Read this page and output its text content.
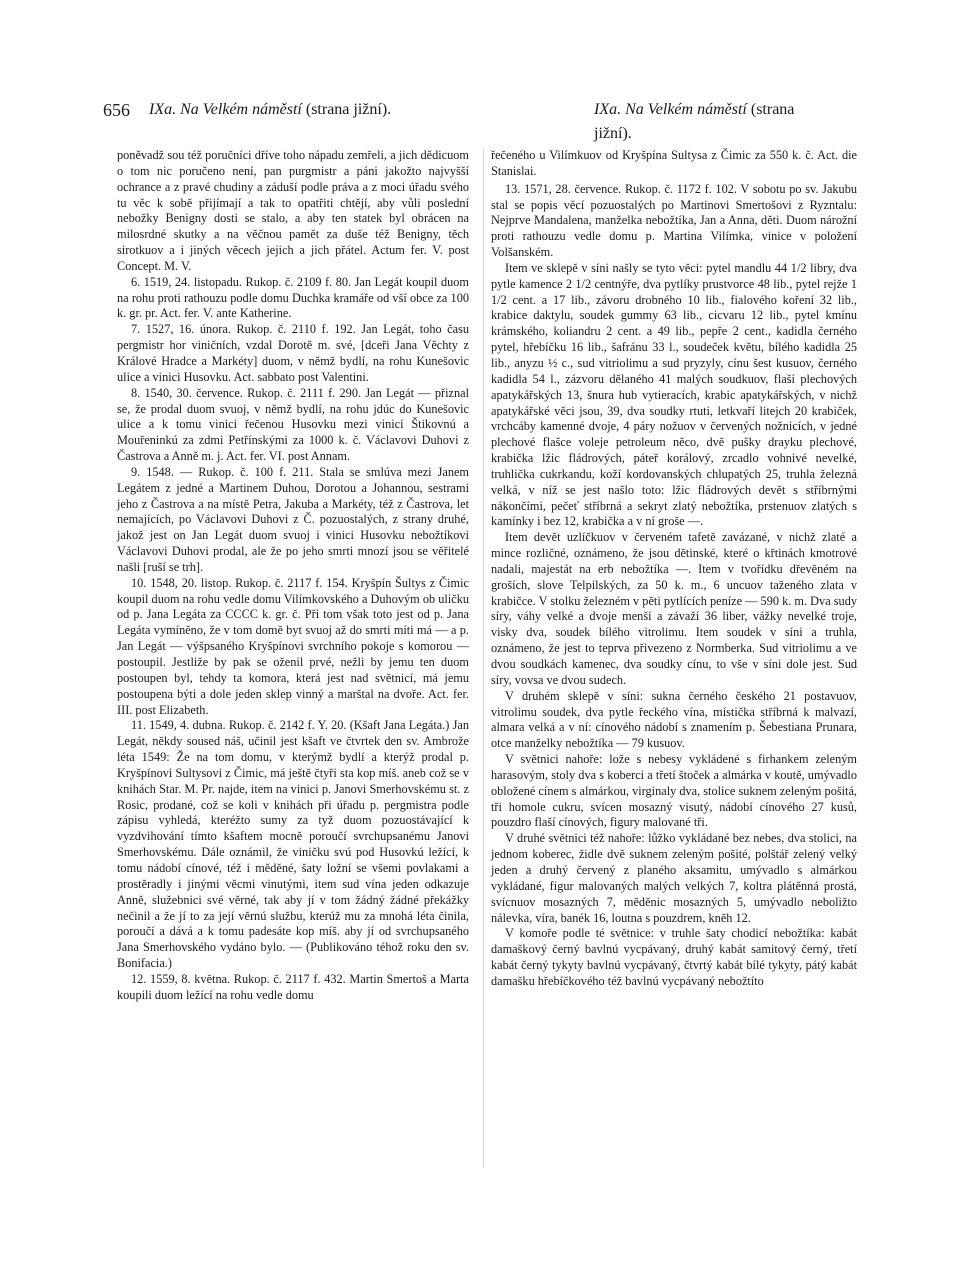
656 IXa. Na Velkém náměstí (strana jižní).	IXa. Na Velkém náměstí (strana jižní).

poněvadž sou též poručníci dříve toho nápadu zemřeli, a jich dědicuom o tom nic poručeno není, pan purgmistr a páni jakožto najvyšší ochrance a z pravé chudiny a záduší podle práva a z moci úřadu svého tu věc k sobě přijímají a tak to opatřiti chtějí, aby vůli poslední nebožky Benigny dosti se stalo, a aby ten statek byl obrácen na milosrdné skutky a na věčnou pamět za duše též Benigny, těch sirotkuov a i jiných věcech jejich a jich přátel. Actum fer. V. post Concept. M. V.

6. 1519, 24. listopadu. Rukop. č. 2109 f. 80. Jan Legát koupil duom na rohu proti rathouzu podle domu Duchka kramáře od vší obce za 100 k. gr. pr. Act. fer. V. ante Katherine.

7. 1527, 16. února. Rukop. č. 2110 f. 192. Jan Legát, toho času pergmistr hor viničních, vzdal Dorotě m. své, [dceři Jana Věchty z Králové Hradce a Markéty] duom, v němž bydlí, na rohu Kunešovic ulice a vinici Husovku. Act. sabbato post Valentini.

8. 1540, 30. července. Rukop. č. 2111 f. 290. Jan Legát — přiznal se, že prodal duom svuoj, v němž bydlí, na rohu jdúc do Kunešovic ulice a k tomu vinici řečenou Husovku mezi vinicí Štikovnú a Mouřeninkú za zdmi Petřínskými za 1000 k. č. Václavovi Duhovi z Častrova a Anně m. j. Act. fer. VI. post Annam.

9. 1548. — Rukop. č. 100 f. 211. Stala se smlúva mezi Janem Legátem z jedné a Martinem Duhou, Dorotou a Johannou, sestrami jeho z Častrova a na místě Petra, Jakuba a Markéty, též z Častrova, let nemajících, po Václavovi Duhovi z Č. pozuostalých, z strany druhé, jakož jest on Jan Legát duom svuoj i vinici Husovku nebožtíkovi Václavovi Duhovi prodal, ale že po jeho smrti mnozí jsou se věřitelé našli [ruší se trh].

10. 1548, 20. listop. Rukop. č. 2117 f. 154. Kryšpín Šultys z Čimic koupil duom na rohu vedle domu Vilímkovského a Duhovým ob uličku od p. Jana Legáta za CCCC k. gr. č. Při tom však toto jest od p. Jana Legáta vymíněno, že v tom domě byt svuoj až do smrti míti má — a p. Jan Legát — výšpsaného Kryšpínovi svrchního pokoje s komorou — postoupil. Jestliže by pak se oženil prvé, nežli by jemu ten duom postoupen byl, tehdy ta komora, která jest nad světnicí, má jemu postoupena býti a dole jeden sklep vinný a marštal na dvoře. Act. fer. III. post Elizabeth.

11. 1549, 4. dubna. Rukop. č. 2142 f. Y. 20. (Kšaft Jana Legáta.) Jan Legát, někdy soused náš, učinil jest kšaft ve čtvrtek den sv. Ambrože léta 1549: Že na tom domu, v kterýmž bydlí a kterýž prodal p. Kryšpínovi Sultysovi z Čimic, má ještě čtyři sta kop míš. aneb což se v knihách Star. M. Pr. najde, item na vinici p. Janovi Smerhovskému st. z Rosic, prodané, což se koli v knihách při úřadu p. pergmistra podle zápisu vyhledá, kteréžto sumy za tyž duom pozuostávající k vyzdvihování tímto kšaftem mocně poroučí svrchupsanému Janovi Smerhovskému. Dále oznámil, že viničku svú pod Husovkú ležící, k tomu nádobí cínové, též i měděné, šaty ložní se všemi povlakami a prostěradly i jinými věcmi vinutými, item sud vína jeden odkazuje Anně, služebnici své věrné, tak aby jí v tom žádný žádné překážky nečinil a že jí to za její věrnú službu, kterúž mu za mnohá léta činila, poroučí a dává a k tomu padesáte kop míš. aby jí od svrchupsaného Jana Smerhovského vydáno bylo. — (Publikováno téhož roku den sv. Bonifacia.)

12. 1559, 8. května. Rukop. č. 2117 f. 432. Martin Smertoš a Marta koupili duom ležící na rohu vedle domu

řečeného u Vilímkuov od Kryšpína Sultysa z Čimic za 550 k. č. Act. die Stanislai.

13. 1571, 28. července. Rukop. č. 1172 f. 102. V sobotu po sv. Jakubu stal se popis věcí pozuostalých po Martinovi Smertošovi z Ryzntalu: Nejprve Mandalena, manželka nebožtíka, Jan a Anna, děti. Duom nárožní proti rathouzu vedle domu p. Martina Vilímka, vinice v položení Volšanském.

Item ve sklepě v síni našly se tyto věci: pytel mandlu 44 1/2 libry, dva pytle kamence 2 1/2 centnýře, dva pytlíky prustvorce 48 lib., pytel rejže 1 1/2 cent. a 17 lib., závoru drobného 10 lib., fialového koření 32 lib., krabice daktylu, soudek gummy 63 lib., cicvaru 12 lib., pytel kmínu krámského, koliandru 2 cent. a 49 lib., pepře 2 cent., kadidla černého pytel, hřebíčku 16 lib., šafránu 33 l., soudeček květu, bílého kadidla 25 lib., anyzu ½ c., sud vitriolimu a sud pryzyly, cínu šest kusuov, černého kadidla 54 l., zázvoru dělaného 41 malých soudkuov, flaší plechových apatykářských 13, šnura hub vytieracích, krabic apatykářských, v nichž apatykářské věci jsou, 39, dva soudky rtuti, letkvaří litejch 20 krabiček, vrchcáby kamenné dvoje, 4 páry nožuov v červených nožnicích, v jedné plechové flašce voleje petroleum něco, dvě pušky drayku plechové, krabička lžic fládrových, páteř korálový, zrcadlo vohnivé nevelké, truhlička cukrkandu, koží kordovanských chlupatých 25, truhla železná velká, v níž se jest našlo toto: lžic fládrových devět s stříbrnými nákončími, pečeť stříbrná a sekryt zlatý nebožtíka, prstenuov zlatých s kamínky i bez 12, krabička a v ní groše —.

Item devět uzlíčkuov v červeném tafetě zavázané, v nichž zlaté a mince rozličné, oznámeno, že jsou dětinské, které o křtinách kmotrové nadali, majestát na erb nebožtíka —. Item v tvořídku dřevěném na groších, slove Telpilských, za 50 k. m., 6 uncuov taženého zlata v krabičce. V stolku železném v pěti pytlících peníze — 590 k. m. Dva sudy síry, váhy velké a dvoje menší a závaží 36 liber, vážky nevelké troje, visky dva, soudek bílého vitrolimu. Item soudek v síni a truhla, oznámeno, že jest to teprva přivezeno z Normberka. Sud vitriolimu a ve dvou soudkách kamenec, dva soudky cínu, to vše v síni dole jest. Sud síry, vovsa ve dvou sudech.

V druhém sklepě v síni: sukna černého českého 21 postavuov, vitrolimu soudek, dva pytle řeckého vína, místička stříbrná k malvazí, almara velká a v ní: cínového nádobí s znamením p. Šebestiana Prunara, otce manželky nebožtíka — 79 kusuov.

V světnici nahoře: lože s nebesy vykládené s firhankem zeleným harasovým, stoly dva s koberci a třetí štoček a almárka v koutě, umývadlo obložené cínem s almárkou, virginaly dva, stolice suknem zeleným pošitá, tři homole cukru, svícen mosazný visutý, nádobí cínového 27 kusů, pouzdro flaší cínových, figury malované tři.

V druhé světnici též nahoře: lůžko vykládané bez nebes, dva stolici, na jednom koberec, židle dvě suknem zeleným pošité, polštář zelený velký jeden a druhý červený z planého aksamitu, umývadlo s almárkou vykládané, figur malovaných malých velkých 7, koltra plátěnná prostá, svícnuov mosazných 7, měděnic mosazných 5, umývadlo neboližto nálevka, víra, banék 16, loutna s pouzdrem, kněh 12.

V komoře podle té světnice: v truhle šaty chodicí nebožtíka: kabát damaškový černý bavlnú vycpávaný, druhý kabát samitový černý, třetí kabát černý tykyty bavlnú vycpávaný, čtvrtý kabát bílé tykyty, pátý kabát damašku hřebíčkového též bavlnú vycpávaný nebožtíto
